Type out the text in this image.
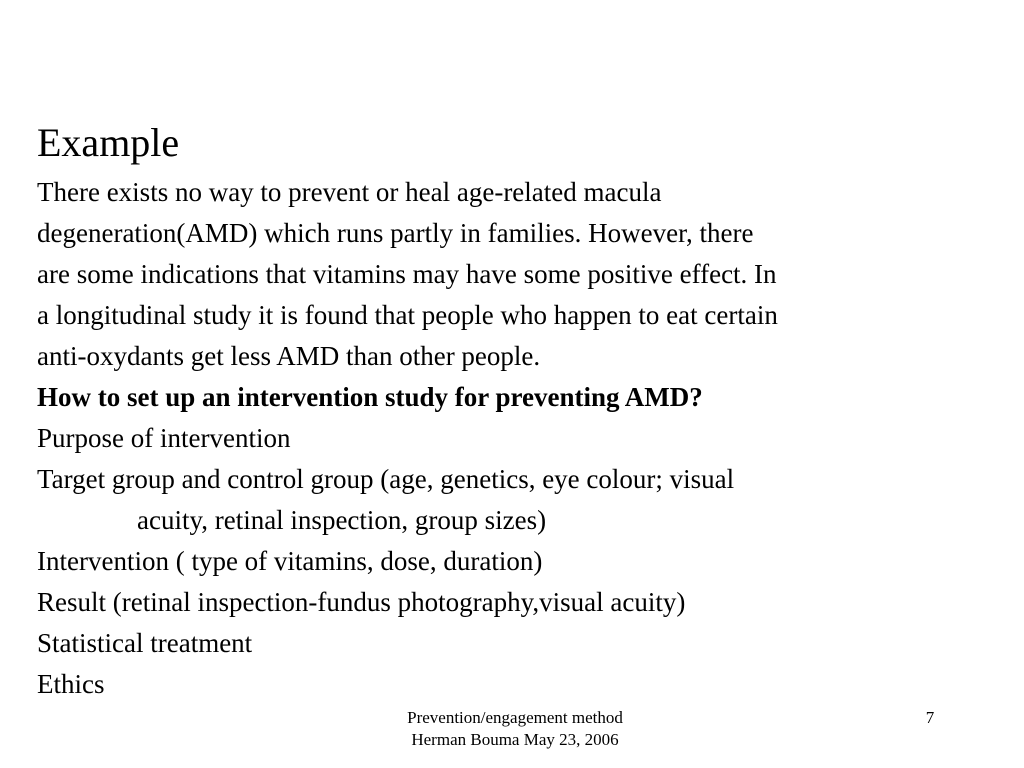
Example
There exists no way to prevent or heal age-related macula
degeneration(AMD) which runs partly in families. However, there
are some indications that vitamins may have some positive effect. In
a longitudinal study it is found that people who happen to eat certain
anti-oxydants get less AMD than other people.
How to set up an intervention study for preventing AMD?
Purpose of intervention
Target group and control group (age, genetics, eye colour; visual
acuity, retinal inspection, group sizes)
Intervention ( type of vitamins, dose, duration)
Result (retinal inspection-fundus photography,visual acuity)
Statistical treatment
Ethics
Prevention/engagement method
Herman Bouma May 23, 2006
7
